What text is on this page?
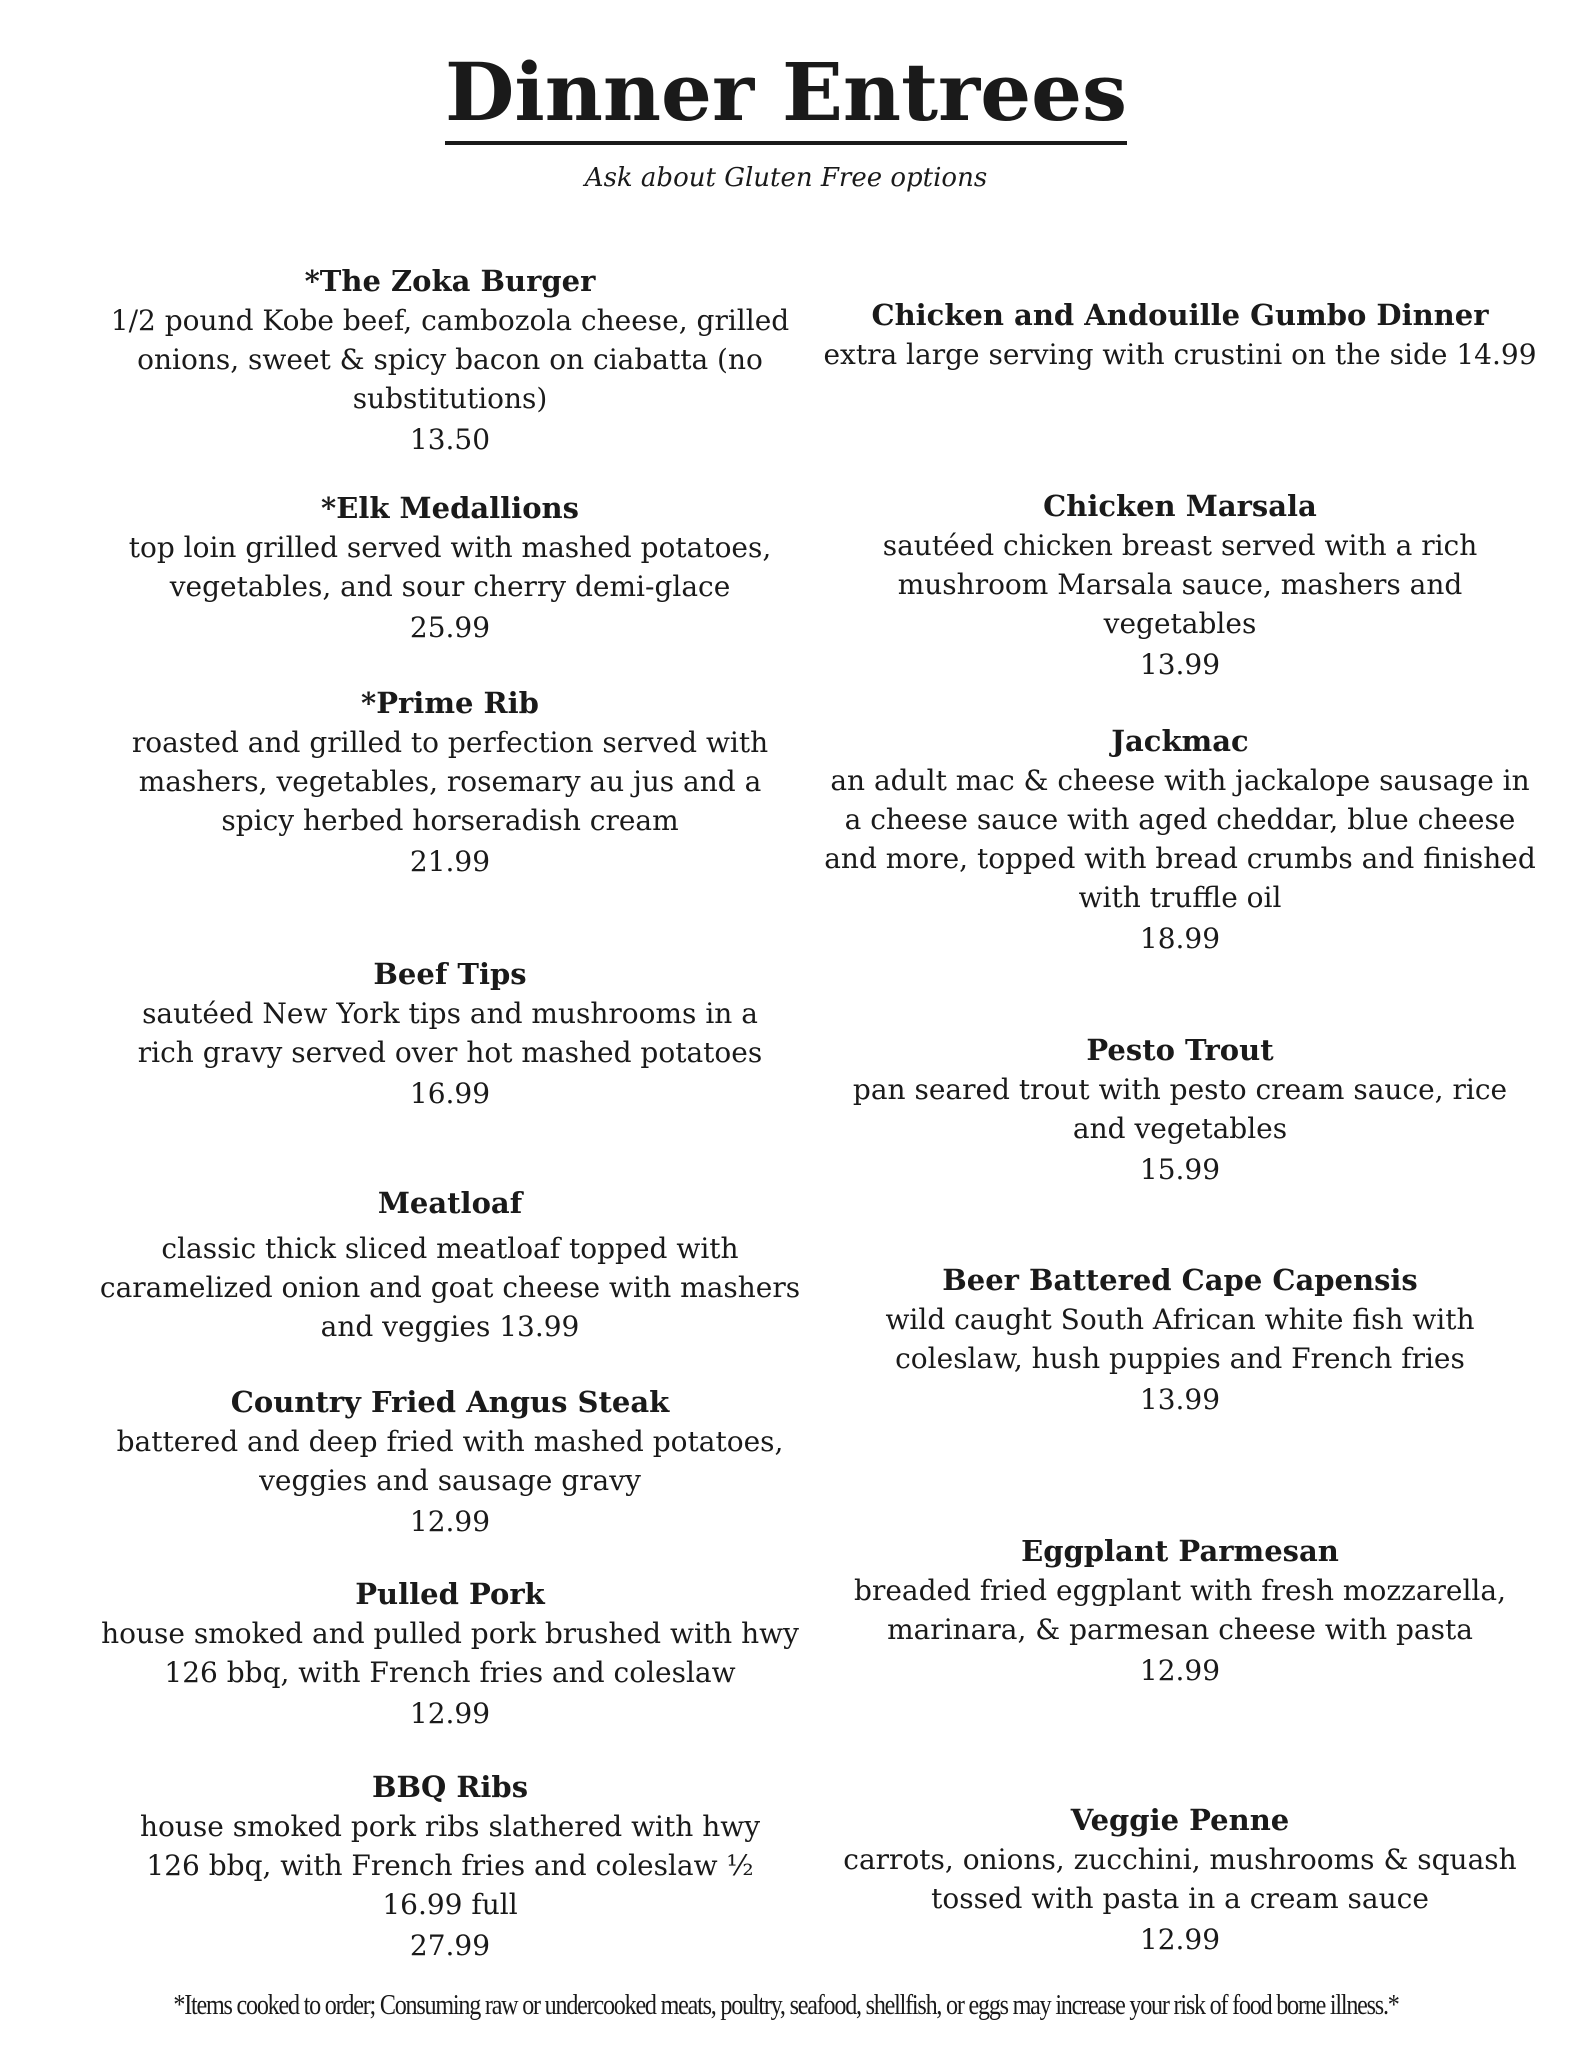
Dinner Entrees
Ask about Gluten Free options
*The Zoka Burger
1/2 pound Kobe beef, cambozola cheese, grilled onions, sweet & spicy bacon on ciabatta (no substitutions)
13.50
*Elk Medallions
top loin grilled served with mashed potatoes, vegetables, and sour cherry demi-glace
25.99
*Prime Rib
roasted and grilled to perfection served with mashers, vegetables, rosemary au jus and a spicy herbed horseradish cream
21.99
Beef Tips
sautéed New York tips and mushrooms in a rich gravy served over hot mashed potatoes
16.99
Meatloaf
classic thick sliced meatloaf topped with caramelized onion and goat cheese with mashers and veggies 13.99
Country Fried Angus Steak
battered and deep fried with mashed potatoes, veggies and sausage gravy
12.99
Pulled Pork
house smoked and pulled pork brushed with hwy 126 bbq, with French fries and coleslaw
12.99
BBQ Ribs
house smoked pork ribs slathered with hwy 126 bbq, with French fries and coleslaw ½ 16.99 full
27.99
Chicken and Andouille Gumbo Dinner
extra large serving with crustini on the side 14.99
Chicken Marsala
sautéed chicken breast served with a rich mushroom Marsala sauce, mashers and vegetables
13.99
Jackmac
an adult mac & cheese with jackalope sausage in a cheese sauce with aged cheddar, blue cheese and more, topped with bread crumbs and finished with truffle oil
18.99
Pesto Trout
pan seared trout with pesto cream sauce, rice and vegetables
15.99
Beer Battered Cape Capensis
wild caught South African white fish with coleslaw, hush puppies and French fries
13.99
Eggplant Parmesan
breaded fried eggplant with fresh mozzarella, marinara, & parmesan cheese with pasta
12.99
Veggie Penne
carrots, onions, zucchini, mushrooms & squash tossed with pasta in a cream sauce
12.99
*Items cooked to order; Consuming raw or undercooked meats, poultry, seafood, shellfish, or eggs may increase your risk of food borne illness.*
